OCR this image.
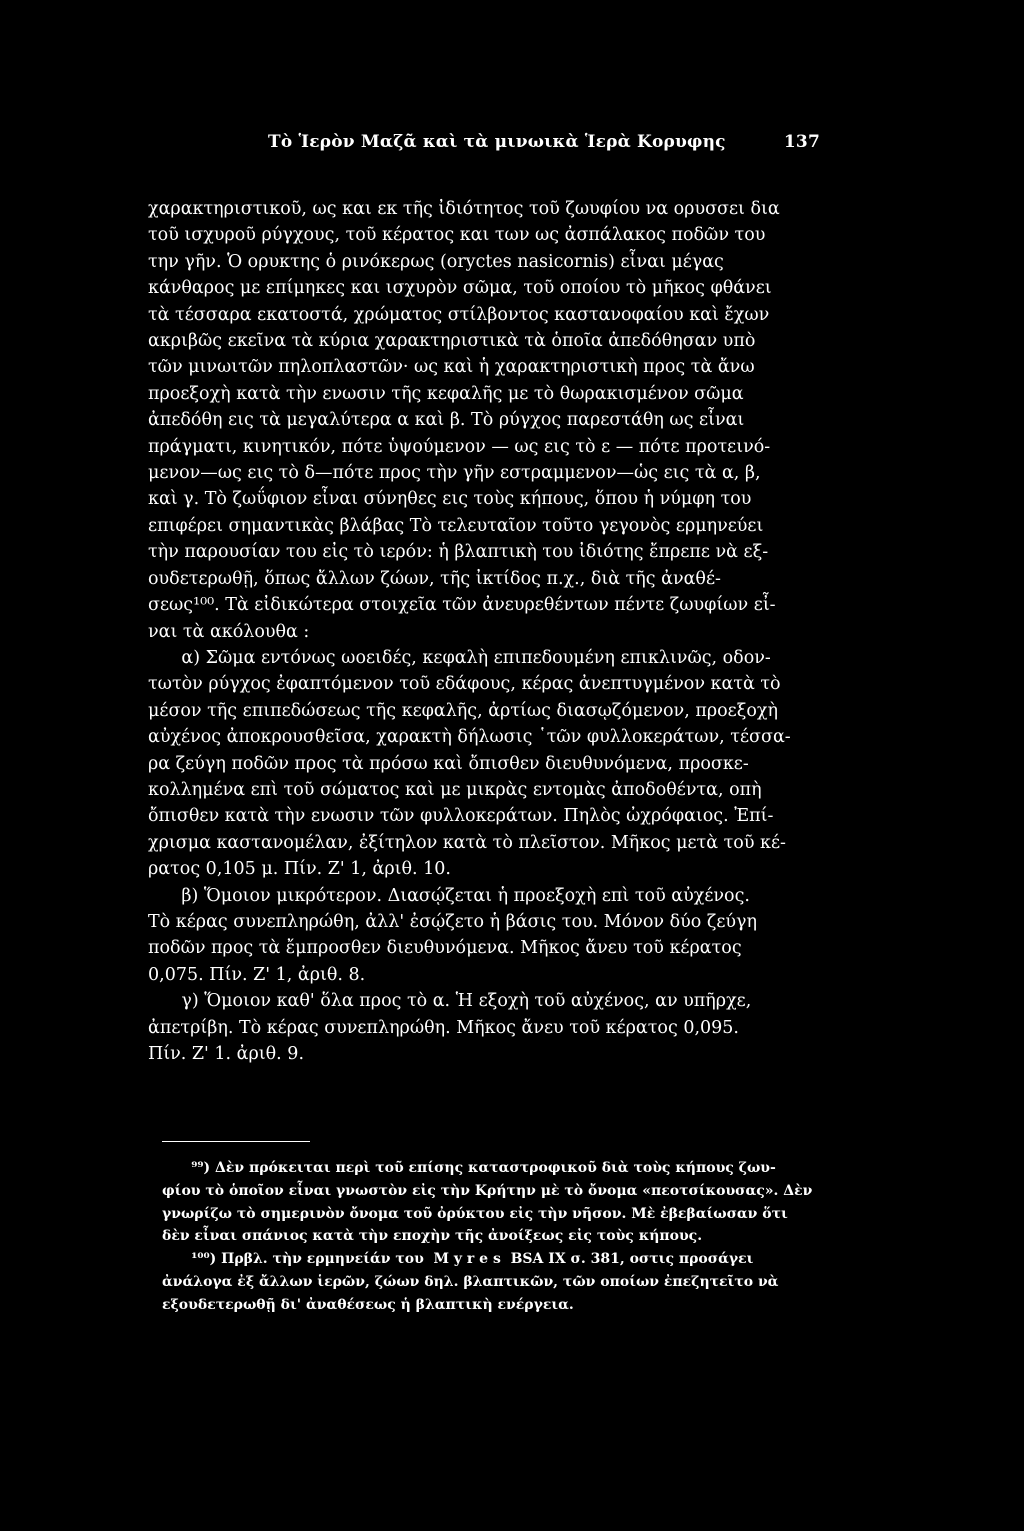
Τὸ Ἱερὸν Μαζᾶ καὶ τὰ μινωικὰ Ἱερὰ Κορυφης	137
χαρακτηριστικοῦ, ως και εκ τῆς ἰδιότητος τοῦ ζωυφίου να ορυσσει δια
τοῦ ισχυροῦ ρύγχους, τοῦ κέρατος και των ως ἀσπάλακος ποδῶν του
την γῆν. Ὁ ορυκτης ὁ ρινόκερως (oryctes nasicornis) εἶναι μέγας
κάνθαρος με επίμηκες και ισχυρὸν σῶμα, τοῦ οποίου τὸ μῆκος φθάνει
τὰ τέσσαρα εκατοστά, χρώματος στίλβοντος καστανοφαίου καὶ ἔχων
ακριβῶς εκεῖνα τὰ κύρια χαρακτηριστικὰ τὰ ὁποῖα ἀπεδόθησαν υπὸ
τῶν μινωιτῶν πηλοπλαστῶν· ως καὶ ἡ χαρακτηριστικὴ προς τὰ ἄνω
προεξοχὴ κατὰ τὴν ενωσιν τῆς κεφαλῆς με τὸ θωρακισμένον σῶμα
ἀπεδόθη εις τὰ μεγαλύτερα α καὶ β. Τὸ ρύγχος παρεστάθη ως εἶναι
πράγματι, κινητικόν, πότε ὑψούμενον — ως εις τὸ ε — πότε προτεινό-
μενον—ως εις τὸ δ—πότε προς τὴν γῆν εστραμμενον—ὡς εις τὰ α, β,
καὶ γ. Τὸ ζωΰφιον εἶναι σύνηθες εις τοὺς κήπους, ὅπου ἡ νύμφη του
επιφέρει σημαντικὰς βλάβας Τὸ τελευταῖον τοῦτο γεγονὸς ερμηνεύει
τὴν παρουσίαν του εἰς τὸ ιερόν: ἡ βλαπτικὴ του ἰδιότης ἔπρεπε νὰ εξ-
ουδετερωθῇ, ὅπως ἄλλων ζώων, τῆς ἰκτίδος π.χ., διὰ τῆς ἀναθέ-
σεως¹⁰⁰. Τὰ εἰδικώτερα στοιχεῖα τῶν ἀνευρεθέντων πέντε ζωυφίων εἶ-
ναι τὰ ακόλουθα :
α) Σῶμα εντόνως ωοειδές, κεφαλὴ επιπεδουμένη επικλινῶς, οδον-
τωτὸν ρύγχος ἐφαπτόμενον τοῦ εδάφους, κέρας ἀνεπτυγμένον κατὰ τὸ
μέσον τῆς επιπεδώσεως τῆς κεφαλῆς, ἀρτίως διασῳζόμενον, προεξοχὴ
αὐχένος ἀποκρουσθεῖσα, χαρακτὴ δήλωσις ῾τῶν φυλλοκεράτων, τέσσα-
ρα ζεύγη ποδῶν προς τὰ πρόσω καὶ ὄπισθεν διευθυνόμενα, προσκε-
κολλημένα επὶ τοῦ σώματος καὶ με μικρὰς εντομὰς ἀποδοθέντα, οπὴ
ὄπισθεν κατὰ τὴν ενωσιν τῶν φυλλοκεράτων. Πηλὸς ὠχρόφαιος. Ἐπί-
χρισμα καστανομέλαν, ἐξίτηλον κατὰ τὸ πλεῖστον. Μῆκος μετὰ τοῦ κέ-
ρατος 0,105 μ. Πίν. Ζ' 1, ἀριθ. 10.
β) Ὅμοιον μικρότερον. Διασῴζεται ἡ προεξοχὴ επὶ τοῦ αὐχένος.
Τὸ κέρας συνεπληρώθη, ἀλλ' ἐσῴζετο ἡ βάσις του. Μόνον δύο ζεύγη
ποδῶν προς τὰ ἔμπροσθεν διευθυνόμενα. Μῆκος ἄνευ τοῦ κέρατος
0,075. Πίν. Ζ' 1, ἀριθ. 8.
γ) Ὅμοιον καθ' ὅλα προς τὸ α. Ἡ εξοχὴ τοῦ αὐχένος, αν υπῆρχε,
ἀπετρίβη. Τὸ κέρας συνεπληρώθη. Μῆκος ἄνευ τοῦ κέρατος 0,095.
Πίν. Ζ' 1. ἀριθ. 9.
⁹⁹) Δὲν πρόκειται περὶ τοῦ επίσης καταστροφικοῦ διὰ τοὺς κήπους ζωυ-
φίου τὸ ὁποῖον εἶναι γνωστὸν εἰς τὴν Κρήτην μὲ τὸ ὄνομα «πεοτσίκουσας». Δὲν
γνωρίζω τὸ σημερινὸν ὄνομα τοῦ ὀρύκτου εἰς τὴν νῆσον. Μὲ ἐβεβαίωσαν ὅτι
δὲν εἶναι σπάνιος κατὰ τὴν εποχὴν τῆς ἀνοίξεως εἰς τοὺς κήπους.
¹⁰⁰) Πρβλ. τὴν ερμηνείάν του  M y r e s  BSA IX σ. 381, οστις προσάγει
ἀνάλογα ἐξ ἄλλων ἱερῶν, ζώων δηλ. βλαπτικῶν, τῶν οποίων ἐπεζητεῖτο νὰ
εξουδετερωθῇ δι' ἀναθέσεως ἡ βλαπτικὴ ενέργεια.
